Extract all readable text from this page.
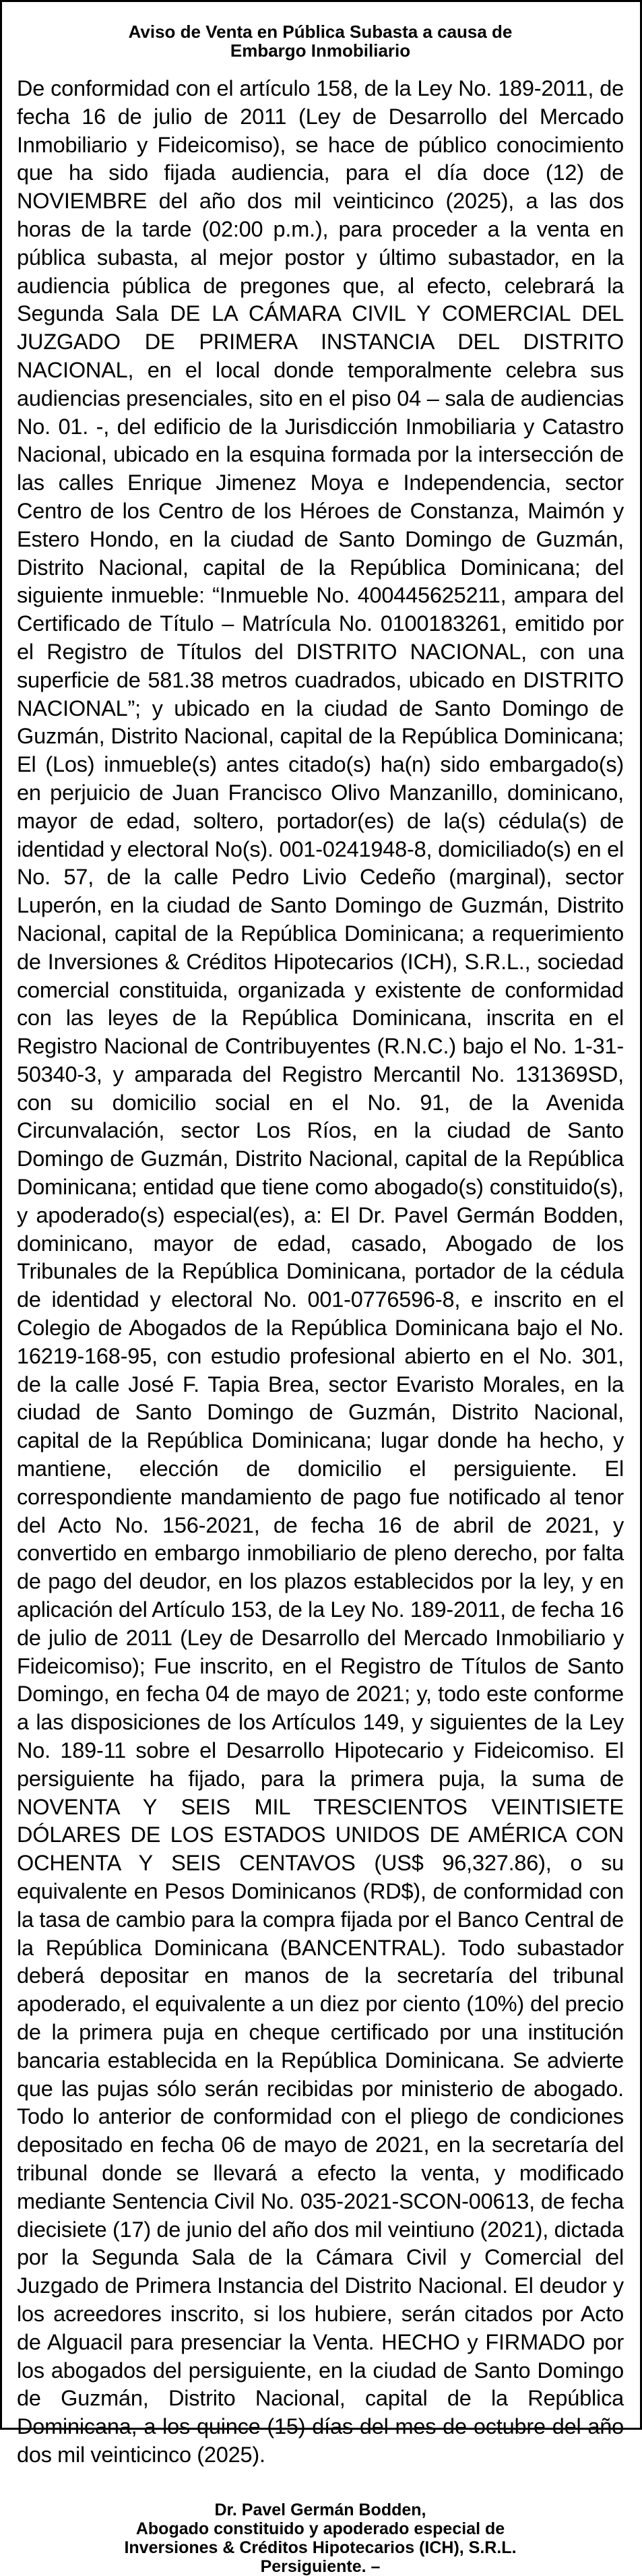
Aviso de Venta en Pública Subasta a causa de
Embargo Inmobiliario

De conformidad con el artículo 158, de la Ley No. 189-2011, de fecha 16 de julio de 2011 (Ley de Desarrollo del Mercado Inmobiliario y Fideicomiso), se hace de público conocimiento que ha sido fijada audiencia, para el día doce (12) de NOVIEMBRE del año dos mil veinticinco (2025), a las dos horas de la tarde (02:00 p.m.), para proceder a la venta en pública subasta, al mejor postor y último subastador, en la audiencia pública de pregones que, al efecto, celebrará la Segunda Sala DE LA CÁMARA CIVIL Y COMERCIAL DEL JUZGADO DE PRIMERA INSTANCIA DEL DISTRITO NACIONAL, en el local donde temporalmente celebra sus audiencias presenciales, sito en el piso 04 – sala de audiencias No. 01. -, del edificio de la Jurisdicción Inmobiliaria y Catastro Nacional, ubicado en la esquina formada por la intersección de las calles Enrique Jimenez Moya e Independencia, sector Centro de los Centro de los Héroes de Constanza, Maimón y Estero Hondo, en la ciudad de Santo Domingo de Guzmán, Distrito Nacional, capital de la República Dominicana; del siguiente inmueble: “Inmueble No. 400445625211, ampara del Certificado de Título – Matrícula No. 0100183261, emitido por el Registro de Títulos del DISTRITO NACIONAL, con una superficie de 581.38 metros cuadrados, ubicado en DISTRITO NACIONAL”; y ubicado en la ciudad de Santo Domingo de Guzmán, Distrito Nacional, capital de la República Dominicana; El (Los) inmueble(s) antes citado(s) ha(n) sido embargado(s) en perjuicio de Juan Francisco Olivo Manzanillo, dominicano, mayor de edad, soltero, portador(es) de la(s) cédula(s) de identidad y electoral No(s). 001-0241948-8, domiciliado(s) en el No. 57, de la calle Pedro Livio Cedeño (marginal), sector Luperón, en la ciudad de Santo Domingo de Guzmán, Distrito Nacional, capital de la República Dominicana; a requerimiento de Inversiones & Créditos Hipotecarios (ICH), S.R.L., sociedad comercial constituida, organizada y existente de conformidad con las leyes de la República Dominicana, inscrita en el Registro Nacional de Contribuyentes (R.N.C.) bajo el No. 1-31-50340-3, y amparada del Registro Mercantil No. 131369SD, con su domicilio social en el No. 91, de la Avenida Circunvalación, sector Los Ríos, en la ciudad de Santo Domingo de Guzmán, Distrito Nacional, capital de la República Dominicana; entidad que tiene como abogado(s) constituido(s), y apoderado(s) especial(es), a: El Dr. Pavel Germán Bodden, dominicano, mayor de edad, casado, Abogado de los Tribunales de la República Dominicana, portador de la cédula de identidad y electoral No. 001-0776596-8, e inscrito en el Colegio de Abogados de la República Dominicana bajo el No. 16219-168-95, con estudio profesional abierto en el No. 301, de la calle José F. Tapia Brea, sector Evaristo Morales, en la ciudad de Santo Domingo de Guzmán, Distrito Nacional, capital de la República Dominicana; lugar donde ha hecho, y mantiene, elección de domicilio el persiguiente. El correspondiente mandamiento de pago fue notificado al tenor del Acto No. 156-2021, de fecha 16 de abril de 2021, y convertido en embargo inmobiliario de pleno derecho, por falta de pago del deudor, en los plazos establecidos por la ley, y en aplicación del Artículo 153, de la Ley No. 189-2011, de fecha 16 de julio de 2011 (Ley de Desarrollo del Mercado Inmobiliario y Fideicomiso); Fue inscrito, en el Registro de Títulos de Santo Domingo, en fecha 04 de mayo de 2021; y, todo este conforme a las disposiciones de los Artículos 149, y siguientes de la Ley No. 189-11 sobre el Desarrollo Hipotecario y Fideicomiso. El persiguiente ha fijado, para la primera puja, la suma de NOVENTA Y SEIS MIL TRESCIENTOS VEINTISIETE DÓLARES DE LOS ESTADOS UNIDOS DE AMÉRICA CON OCHENTA Y SEIS CENTAVOS (US$ 96,327.86), o su equivalente en Pesos Dominicanos (RD$), de conformidad con la tasa de cambio para la compra fijada por el Banco Central de la República Dominicana (BANCENTRAL). Todo subastador deberá depositar en manos de la secretaría del tribunal apoderado, el equivalente a un diez por ciento (10%) del precio de la primera puja en cheque certificado por una institución bancaria establecida en la República Dominicana. Se advierte que las pujas sólo serán recibidas por ministerio de abogado. Todo lo anterior de conformidad con el pliego de condiciones depositado en fecha 06 de mayo de 2021, en la secretaría del tribunal donde se llevará a efecto la venta, y modificado mediante Sentencia Civil No. 035-2021-SCON-00613, de fecha diecisiete (17) de junio del año dos mil veintiuno (2021), dictada por la Segunda Sala de la Cámara Civil y Comercial del Juzgado de Primera Instancia del Distrito Nacional. El deudor y los acreedores inscrito, si los hubiere, serán citados por Acto de Alguacil para presenciar la Venta. HECHO y FIRMADO por los abogados del persiguiente, en la ciudad de Santo Domingo de Guzmán, Distrito Nacional, capital de la República Dominicana, a los quince (15) días del mes de octubre del año dos mil veinticinco (2025).

Dr. Pavel Germán Bodden,
Abogado constituido y apoderado especial de
Inversiones & Créditos Hipotecarios (ICH), S.R.L.
Persiguiente. –
